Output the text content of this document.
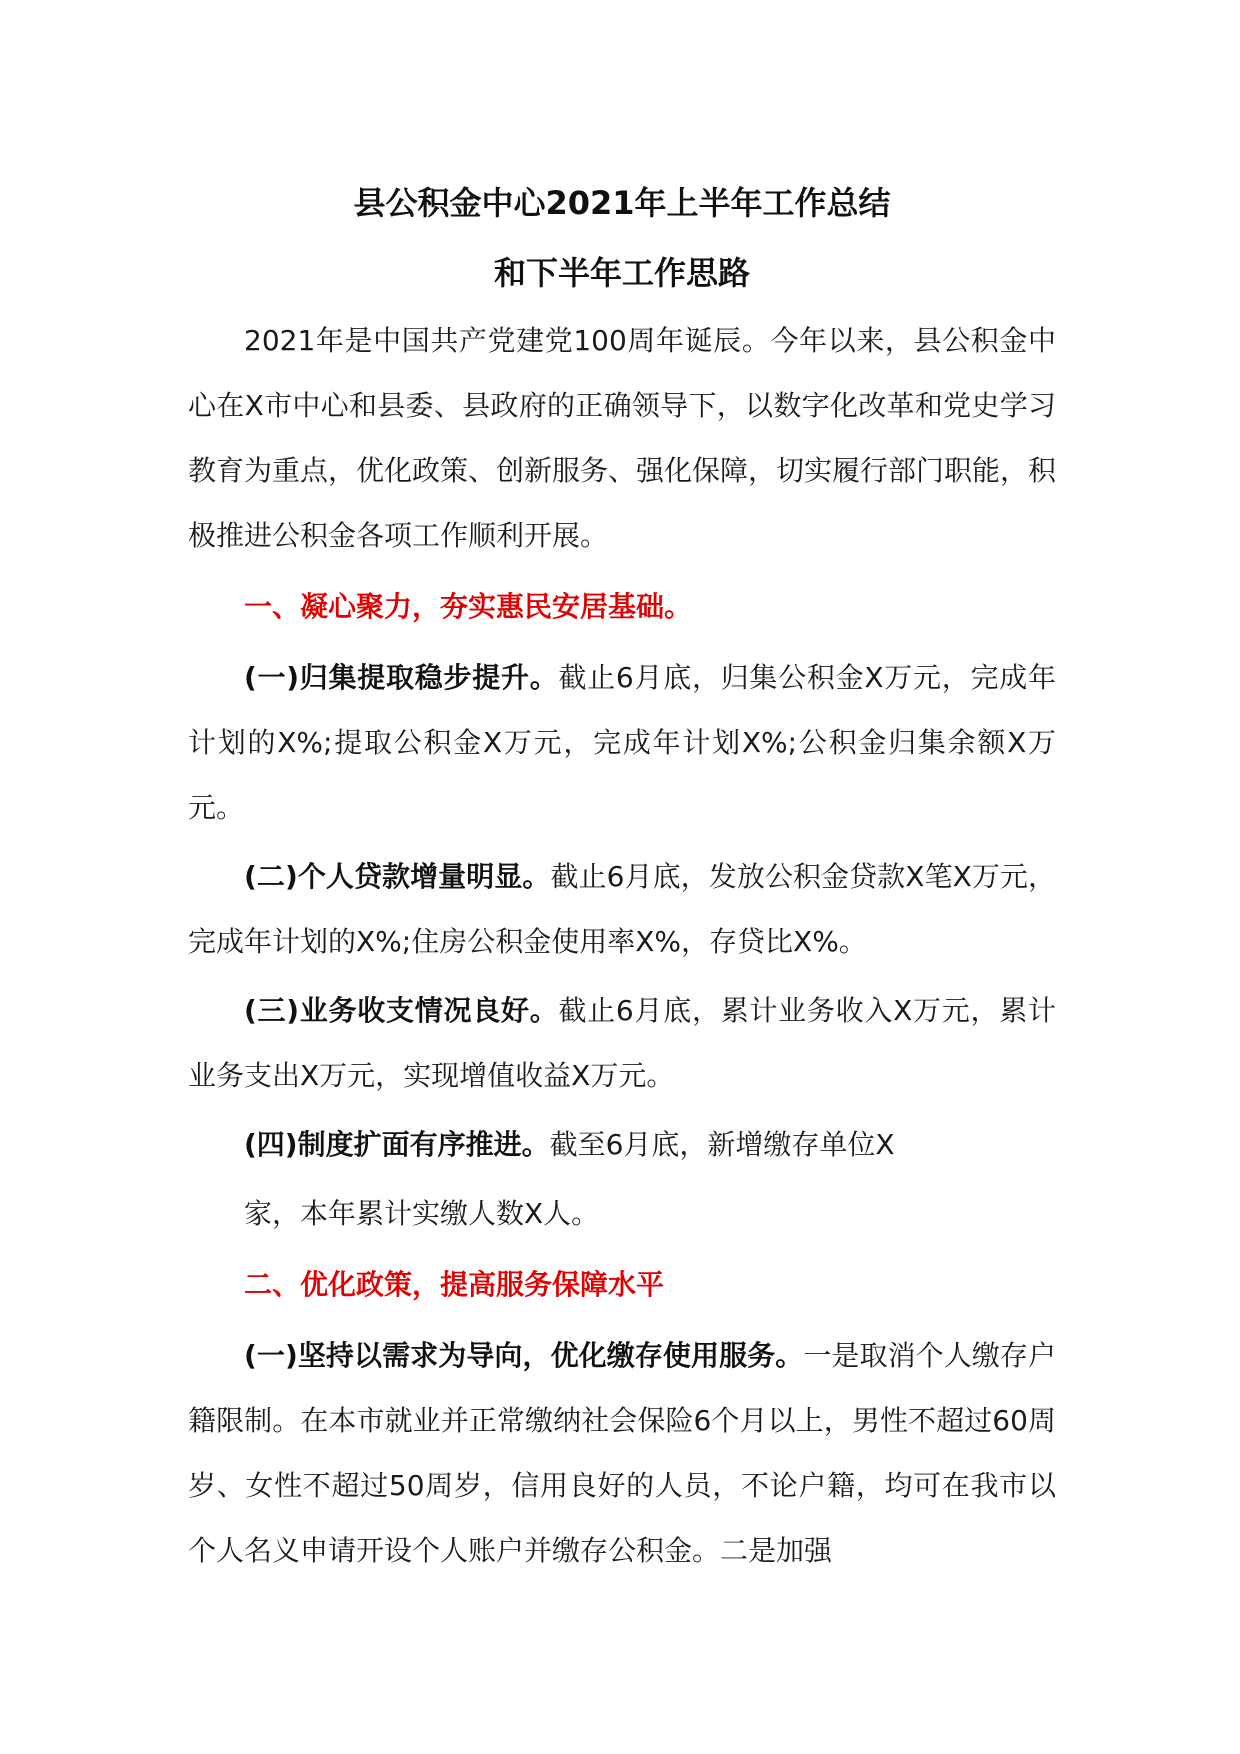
县公积金中心2021年上半年工作总结
和下半年工作思路

2021年是中国共产党建党100周年诞辰。今年以来，县公积金中心在X市中心和县委、县政府的正确领导下，以数字化改革和党史学习教育为重点，优化政策、创新服务、强化保障，切实履行部门职能，积极推进公积金各项工作顺利开展。

一、凝心聚力，夯实惠民安居基础。

(一)归集提取稳步提升。截止6月底，归集公积金X万元，完成年计划的X%;提取公积金X万元，完成年计划X%;公积金归集余额X万元。

(二)个人贷款增量明显。截止6月底，发放公积金贷款X笔X万元，完成年计划的X%;住房公积金使用率X%，存贷比X%。

(三)业务收支情况良好。截止6月底，累计业务收入X万元，累计业务支出X万元，实现增值收益X万元。

(四)制度扩面有序推进。截至6月底，新增缴存单位X

家，本年累计实缴人数X人。

二、优化政策，提高服务保障水平

(一)坚持以需求为导向，优化缴存使用服务。一是取消个人缴存户籍限制。在本市就业并正常缴纳社会保险6个月以上，男性不超过60周岁、女性不超过50周岁，信用良好的人员，不论户籍，均可在我市以个人名义申请开设个人账户并缴存公积金。二是加强
